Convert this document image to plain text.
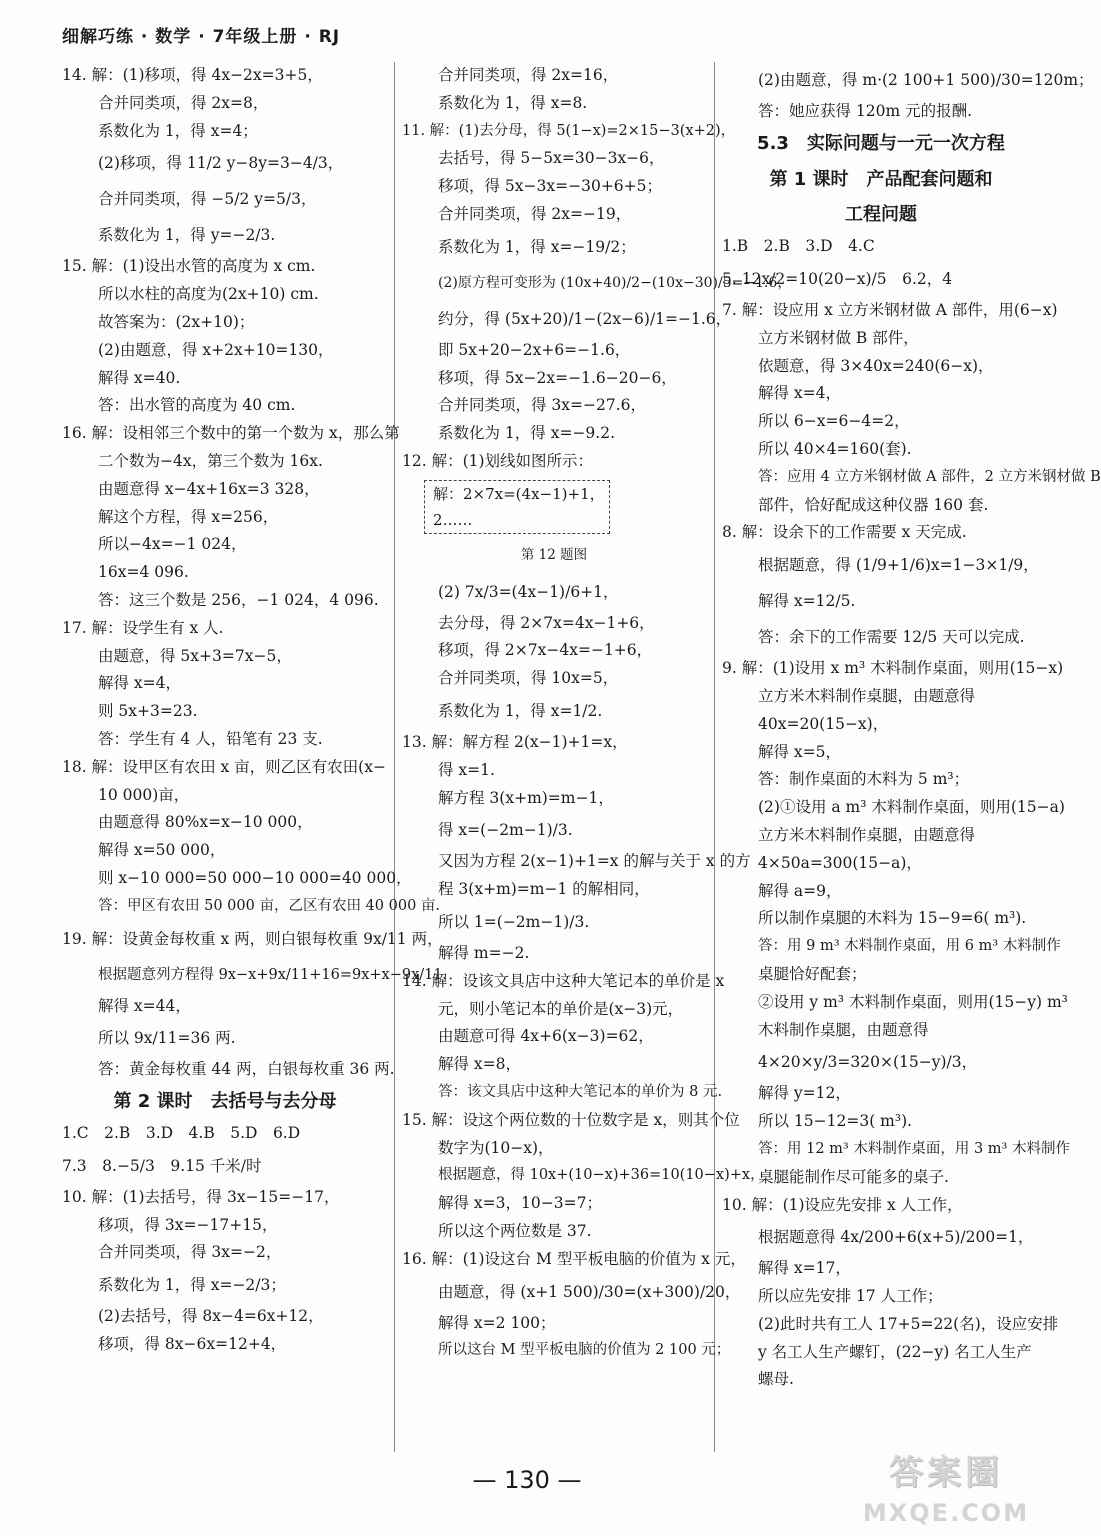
细解巧练 · 数学 · 7年级上册 · RJ
14. 解：(1)移项，得 4x−2x=3+5，
合并同类项，得 2x=8，
系数化为 1，得 x=4；
(2)移项，得 11/2 y−8y=3−4/3，
合并同类项，得 −5/2 y=5/3，
系数化为 1，得 y=−2/3.
15. 解：(1)设出水管的高度为 x cm.
所以水柱的高度为(2x+10) cm.
故答案为：(2x+10)；
(2)由题意，得 x+2x+10=130，
解得 x=40.
答：出水管的高度为 40 cm.
16. 解：设相邻三个数中的第一个数为 x，那么第
二个数为−4x，第三个数为 16x.
由题意得 x−4x+16x=3 328，
解这个方程，得 x=256，
所以−4x=−1 024，
16x=4 096.
答：这三个数是 256，−1 024，4 096.
17. 解：设学生有 x 人.
由题意，得 5x+3=7x−5，
解得 x=4，
则 5x+3=23.
答：学生有 4 人，铅笔有 23 支.
18. 解：设甲区有农田 x 亩，则乙区有农田(x−
10 000)亩，
由题意得 80%x=x−10 000，
解得 x=50 000，
则 x−10 000=50 000−10 000=40 000，
答：甲区有农田 50 000 亩，乙区有农田 40 000 亩.
19. 解：设黄金每枚重 x 两，则白银每枚重 9x/11 两，
根据题意列方程得 9x−x+9x/11+16=9x+x−9x/11，
解得 x=44，
所以 9x/11=36 两.
答：黄金每枚重 44 两，白银每枚重 36 两.
第 2 课时　去括号与去分母
1.C　2.B　3.D　4.B　5.D　6.D
7.3　8.−5/3　9.15 千米/时
10. 解：(1)去括号，得 3x−15=−17，
移项，得 3x=−17+15，
合并同类项，得 3x=−2，
系数化为 1，得 x=−2/3；
(2)去括号，得 8x−4=6x+12，
移项，得 8x−6x=12+4，
合并同类项，得 2x=16，
系数化为 1，得 x=8.
11. 解：(1)去分母，得 5(1−x)=2×15−3(x+2)，
去括号，得 5−5x=30−3x−6，
移项，得 5x−3x=−30+6+5；
合并同类项，得 2x=−19，
系数化为 1，得 x=−19/2；
(2)原方程可变形为 (10x+40)/2−(10x−30)/5=−1.6，
约分，得 (5x+20)/1−(2x−6)/1=−1.6，
即 5x+20−2x+6=−1.6，
移项，得 5x−2x=−1.6−20−6，
合并同类项，得 3x=−27.6，
系数化为 1，得 x=−9.2.
12. 解：(1)划线如图所示：
解：2×7x=(4x−1)+1，
2……
第 12 题图
(2) 7x/3=(4x−1)/6+1，
去分母，得 2×7x=4x−1+6，
移项，得 2×7x−4x=−1+6，
合并同类项，得 10x=5，
系数化为 1，得 x=1/2.
13. 解：解方程 2(x−1)+1=x，
得 x=1.
解方程 3(x+m)=m−1，
得 x=(−2m−1)/3.
又因为方程 2(x−1)+1=x 的解与关于 x 的方
程 3(x+m)=m−1 的解相同，
所以 1=(−2m−1)/3.
解得 m=−2.
14. 解：设该文具店中这种大笔记本的单价是 x
元，则小笔记本的单价是(x−3)元，
由题意可得 4x+6(x−3)=62，
解得 x=8，
答：该文具店中这种大笔记本的单价为 8 元.
15. 解：设这个两位数的十位数字是 x，则其个位
数字为(10−x)，
根据题意，得 10x+(10−x)+36=10(10−x)+x，
解得 x=3，10−3=7；
所以这个两位数是 37.
16. 解：(1)设这台 M 型平板电脑的价值为 x 元，
由题意，得 (x+1 500)/30=(x+300)/20，
解得 x=2 100；
所以这台 M 型平板电脑的价值为 2 100 元；
(2)由题意，得 m·(2 100+1 500)/30=120m；
答：她应获得 120m 元的报酬.
5.3　实际问题与一元一次方程
第 1 课时　产品配套问题和
工程问题
1.B　2.B　3.D　4.C
5. 12x/2=10(20−x)/5　6.2，4
7. 解：设应用 x 立方米钢材做 A 部件，用(6−x)
立方米钢材做 B 部件，
依题意，得 3×40x=240(6−x)，
解得 x=4，
所以 6−x=6−4=2，
所以 40×4=160(套).
答：应用 4 立方米钢材做 A 部件，2 立方米钢材做 B
部件，恰好配成这种仪器 160 套.
8. 解：设余下的工作需要 x 天完成.
根据题意，得 (1/9+1/6)x=1−3×1/9，
解得 x=12/5.
答：余下的工作需要 12/5 天可以完成.
9. 解：(1)设用 x m³ 木料制作桌面，则用(15−x)
立方米木料制作桌腿，由题意得
40x=20(15−x)，
解得 x=5，
答：制作桌面的木料为 5 m³；
(2)①设用 a m³ 木料制作桌面，则用(15−a)
立方米木料制作桌腿，由题意得
4×50a=300(15−a)，
解得 a=9，
所以制作桌腿的木料为 15−9=6( m³).
答：用 9 m³ 木料制作桌面，用 6 m³ 木料制作
桌腿恰好配套；
②设用 y m³ 木料制作桌面，则用(15−y) m³
木料制作桌腿，由题意得
4×20×y/3=320×(15−y)/3，
解得 y=12，
所以 15−12=3( m³).
答：用 12 m³ 木料制作桌面，用 3 m³ 木料制作
桌腿能制作尽可能多的桌子.
10. 解：(1)设应先安排 x 人工作，
根据题意得 4x/200+6(x+5)/200=1，
解得 x=17，
所以应先安排 17 人工作；
(2)此时共有工人 17+5=22(名)，设应安排
y 名工人生产螺钉，(22−y) 名工人生产
螺母.
— 130 —	答案圈
MXQE.COM
